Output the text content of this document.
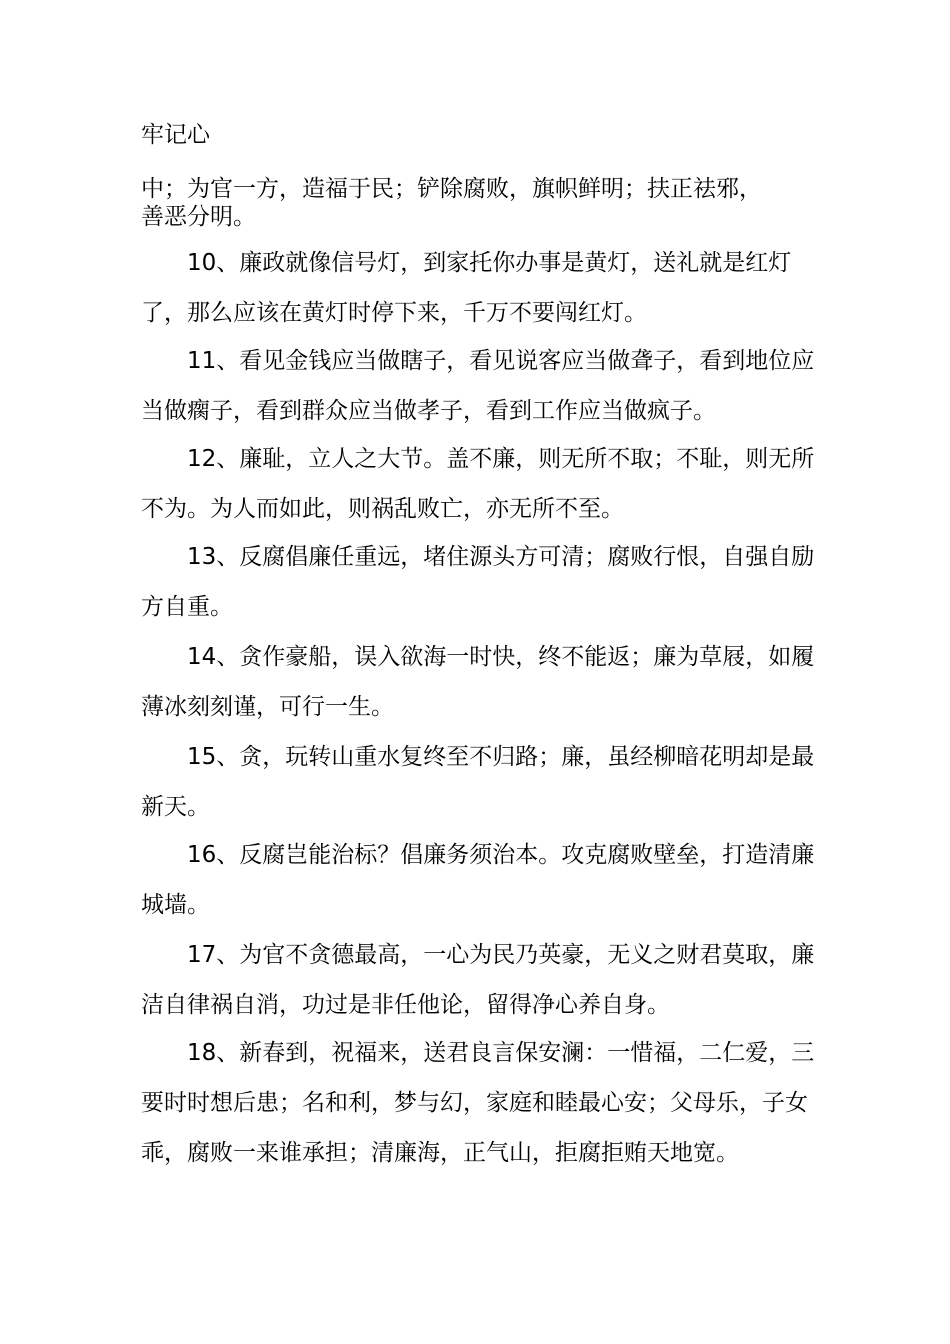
牢记心

中；为官一方，造福于民；铲除腐败，旗帜鲜明；扶正祛邪，

善恶分明。

10、廉政就像信号灯，到家托你办事是黄灯，送礼就是红灯了，那么应该在黄灯时停下来，千万不要闯红灯。

11、看见金钱应当做瞎子，看见说客应当做聋子，看到地位应当做瘸子，看到群众应当做孝子，看到工作应当做疯子。

12、廉耻，立人之大节。盖不廉，则无所不取；不耻，则无所不为。为人而如此，则祸乱败亡，亦无所不至。

13、反腐倡廉任重远，堵住源头方可清；腐败行恨，自强自励方自重。

14、贪作豪船，误入欲海一时快，终不能返；廉为草屐，如履薄冰刻刻谨，可行一生。

15、贪，玩转山重水复终至不归路；廉，虽经柳暗花明却是最新天。

16、反腐岂能治标？倡廉务须治本。攻克腐败壁垒，打造清廉城墙。

17、为官不贪德最高，一心为民乃英豪，无义之财君莫取，廉洁自律祸自消，功过是非任他论，留得净心养自身。

18、新春到，祝福来，送君良言保安澜：一惜福，二仁爱，三要时时想后患；名和利，梦与幻，家庭和睦最心安；父母乐，子女乖，腐败一来谁承担；清廉海，正气山，拒腐拒贿天地宽。
